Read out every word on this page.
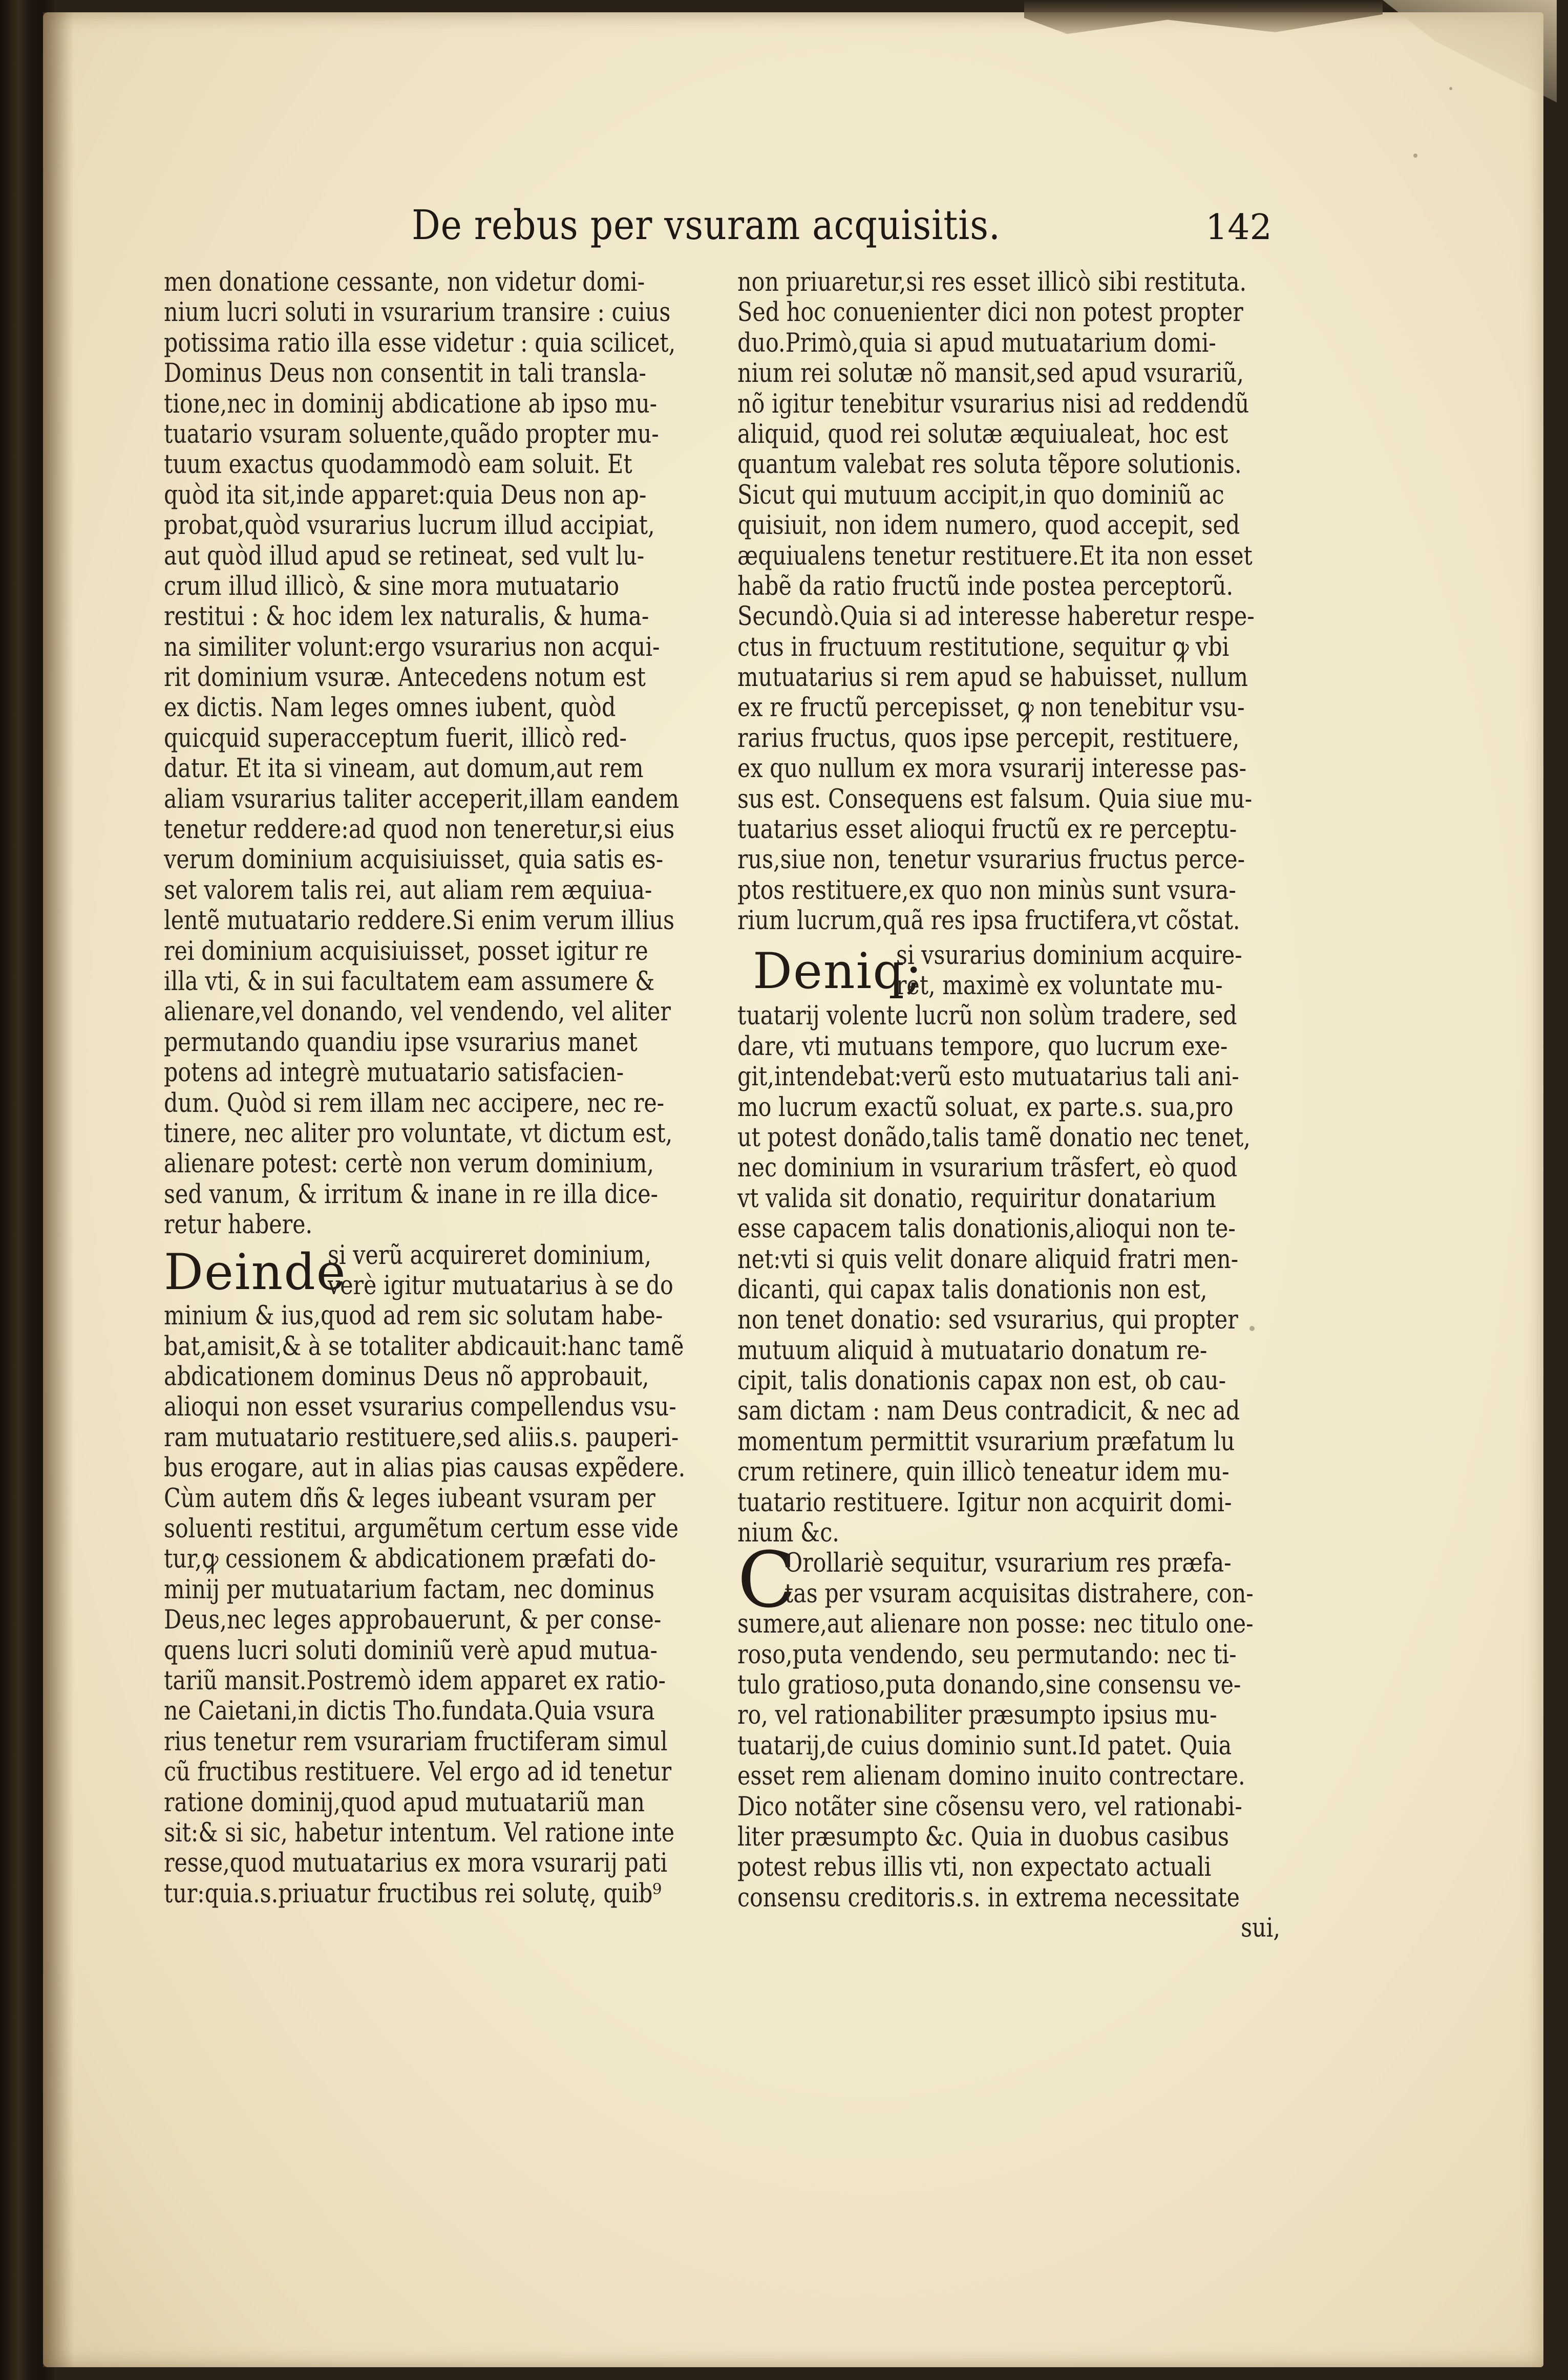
De rebus per vsuram acquisitis.	142
men donatione cessante, non videtur domi-
nium lucri soluti in vsurarium transire : cuius
potissima ratio illa esse videtur : quia scilicet,
Dominus Deus non consentit in tali transla-
tione,nec in dominij abdicatione ab ipso mu-
tuatario vsuram soluente,quãdo propter mu-
tuum exactus quodammodò eam soluit. Et
quòd ita sit,inde apparet:quia Deus non ap-
probat,quòd vsurarius lucrum illud accipiat,
aut quòd illud apud se retineat, sed vult lu-
crum illud illicò, & sine mora mutuatario
restitui : & hoc idem lex naturalis, & huma-
na similiter volunt:ergo vsurarius non acqui-
rit dominium vsuræ. Antecedens notum est
ex dictis. Nam leges omnes iubent, quòd
quicquid superacceptum fuerit, illicò red-
datur. Et ita si vineam, aut domum,aut rem
aliam vsurarius taliter acceperit,illam eandem
tenetur reddere:ad quod non teneretur,si eius
verum dominium acquisiuisset, quia satis es-
set valorem talis rei, aut aliam rem æquiua-
lentẽ mutuatario reddere.Si enim verum illius
rei dominium acquisiuisset, posset igitur re
illa vti, & in sui facultatem eam assumere &
alienare,vel donando, vel vendendo, vel aliter
permutando quandiu ipse vsurarius manet
potens ad integrè mutuatario satisfacien-
dum. Quòd si rem illam nec accipere, nec re-
tinere, nec aliter pro voluntate, vt dictum est,
alienare potest: certè non verum dominium,
sed vanum, & irritum & inane in re illa dice-
retur habere.
Deinde
si verũ acquireret dominium,
verè igitur mutuatarius à se do
minium & ius,quod ad rem sic solutam habe-
bat,amisit,& à se totaliter abdicauit:hanc tamẽ
abdicationem dominus Deus nõ approbauit,
alioqui non esset vsurarius compellendus vsu-
ram mutuatario restituere,sed aliis.s. pauperi-
bus erogare, aut in alias pias causas expẽdere.
Cùm autem dñs & leges iubeant vsuram per
soluenti restitui, argumẽtum certum esse vide
tur,ꝙ cessionem & abdicationem præfati do-
minij per mutuatarium factam, nec dominus
Deus,nec leges approbauerunt, & per conse-
quens lucri soluti dominiũ verè apud mutua-
tariũ mansit.Postremò idem apparet ex ratio-
ne Caietani,in dictis Tho.fundata.Quia vsura
rius tenetur rem vsurariam fructiferam simul
cũ fructibus restituere. Vel ergo ad id tenetur
ratione dominij,quod apud mutuatariũ man
sit:& si sic, habetur intentum. Vel ratione inte
resse,quod mutuatarius ex mora vsurarij pati
tur:quia.s.priuatur fructibus rei solutę, quib⁹
non priuaretur,si res esset illicò sibi restituta.
Sed hoc conuenienter dici non potest propter
duo.Primò,quia si apud mutuatarium domi-
nium rei solutæ nõ mansit,sed apud vsurariũ,
nõ igitur tenebitur vsurarius nisi ad reddendũ
aliquid, quod rei solutæ æquiualeat, hoc est
quantum valebat res soluta tẽpore solutionis.
Sicut qui mutuum accipit,in quo dominiũ ac
quisiuit, non idem numero, quod accepit, sed
æquiualens tenetur restituere.Et ita non esset
habẽ da ratio fructũ inde postea perceptorũ.
Secundò.Quia si ad interesse haberetur respe-
ctus in fructuum restitutione, sequitur ꝙ vbi
mutuatarius si rem apud se habuisset, nullum
ex re fructũ percepisset, ꝙ non tenebitur vsu-
rarius fructus, quos ipse percepit, restituere,
ex quo nullum ex mora vsurarij interesse pas-
sus est. Consequens est falsum. Quia siue mu-
tuatarius esset alioqui fructũ ex re perceptu-
rus,siue non, tenetur vsurarius fructus perce-
ptos restituere,ex quo non minùs sunt vsura-
rium lucrum,quã res ipsa fructifera,vt cõstat.
Deniq;
si vsurarius dominium acquire-
ret, maximè ex voluntate mu-
tuatarij volente lucrũ non solùm tradere, sed
dare, vti mutuans tempore, quo lucrum exe-
git,intendebat:verũ esto mutuatarius tali ani-
mo lucrum exactũ soluat, ex parte.s. sua,pro
ut potest donãdo,talis tamẽ donatio nec tenet,
nec dominium in vsurarium trãsfert, eò quod
vt valida sit donatio, requiritur donatarium
esse capacem talis donationis,alioqui non te-
net:vti si quis velit donare aliquid fratri men-
dicanti, qui capax talis donationis non est,
non tenet donatio: sed vsurarius, qui propter
mutuum aliquid à mutuatario donatum re-
cipit, talis donationis capax non est, ob cau-
sam dictam : nam Deus contradicit, & nec ad
momentum permittit vsurarium præfatum lu
crum retinere, quin illicò teneatur idem mu-
tuatario restituere. Igitur non acquirit domi-
nium &c.
C
Orollariè sequitur, vsurarium res præfa-
tas per vsuram acquisitas distrahere, con-
sumere,aut alienare non posse: nec titulo one-
roso,puta vendendo, seu permutando: nec ti-
tulo gratioso,puta donando,sine consensu ve-
ro, vel rationabiliter præsumpto ipsius mu-
tuatarij,de cuius dominio sunt.Id patet. Quia
esset rem alienam domino inuito contrectare.
Dico notãter sine cõsensu vero, vel rationabi-
liter præsumpto &c. Quia in duobus casibus
potest rebus illis vti, non expectato actuali
consensu creditoris.s. in extrema necessitate
sui,
